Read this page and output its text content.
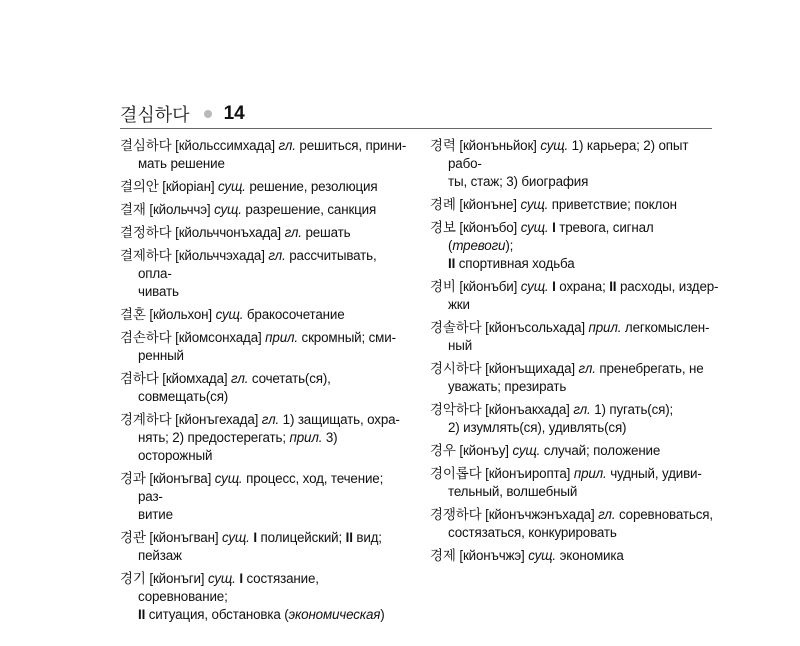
결심하다 14
결심하다 [кйольссимхада] гл. решиться, прини-
мать решение
결의안 [кйоріан] сущ. решение, резолюция
결재 [кйольччэ] сущ. разрешение, санкция
결정하다 [кйольччонъхада] гл. решать
결제하다 [кйольччэхада] гл. рассчитывать, опла-
чивать
결혼 [кйольхон] сущ. бракосочетание
겸손하다 [кйомсонхада] прил. скромный; сми-
ренный
겸하다 [кйомхада] гл. сочетать(ся),
совмещать(ся)
경계하다 [кйонъгехада] гл. 1) защищать, охра-
нять; 2) предостерегать; прил. 3) осторожный
경과 [кйонъгва] сущ. процесс, ход, течение; раз-
витие
경관 [кйонъгван] сущ. I полицейский; II вид;
пейзаж
경기 [кйонъги] сущ. I состязание, соревнование;
II ситуация, обстановка (экономическая)
경력 [кйонъньйок] сущ. 1) карьера; 2) опыт рабо-
ты, стаж; 3) биография
경례 [кйонъне] сущ. приветствие; поклон
경보 [кйонъбо] сущ. I тревога, сигнал (тревоги);
II спортивная ходьба
경비 [кйонъби] сущ. I охрана; II расходы, издер-
жки
경솔하다 [кйонъсольхада] прил. легкомыслен-
ный
경시하다 [кйонъщихада] гл. пренебрегать, не
уважать; презирать
경악하다 [кйонъакхада] гл. 1) пугать(ся);
2) изумлять(ся), удивлять(ся)
경우 [кйонъу] сущ. случай; положение
경이롭다 [кйонъиропта] прил. чудный, удиви-
тельный, волшебный
경쟁하다 [кйонъчжэнъхада] гл. соревноваться,
состязаться, конкурировать
경제 [кйонъчжэ] сущ. экономика
